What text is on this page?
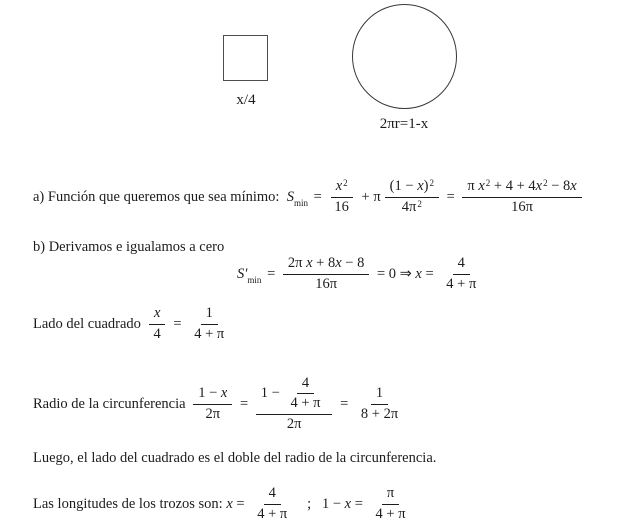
x/4
2πr=1-x
a) Función que queremos que sea mínimo: S $\min = \frac{x^2}{16} + \pi \frac{(1 - x)^2}{4\pi^2} = \frac{\pi x^2 + 4 + 4x^2 - 8x}{16\pi}$
b) Derivamos e igualamos a cero
S′ $\min = \frac{\text{2π x + 8x − 8}}{16\pi} = 0$ ⇒ $x = \frac{4}{4 + \pi}$
Lado del cuadrado $\frac{x}{4} = \frac{1}{4 + \pi}$
Radio de la circunferencia $\frac{1 - x}{2\pi} = \frac{1 - \frac{4}{4 + \pi}}{2\pi} = \frac{1}{8 + 2\pi}$
Luego, el lado del cuadrado es el doble del radio de la circunferencia.
Las longitudes de los trozos son: $x = \frac{4}{4 + \pi}$ ; $1 - x = \frac{\pi}{4 + \pi}$
